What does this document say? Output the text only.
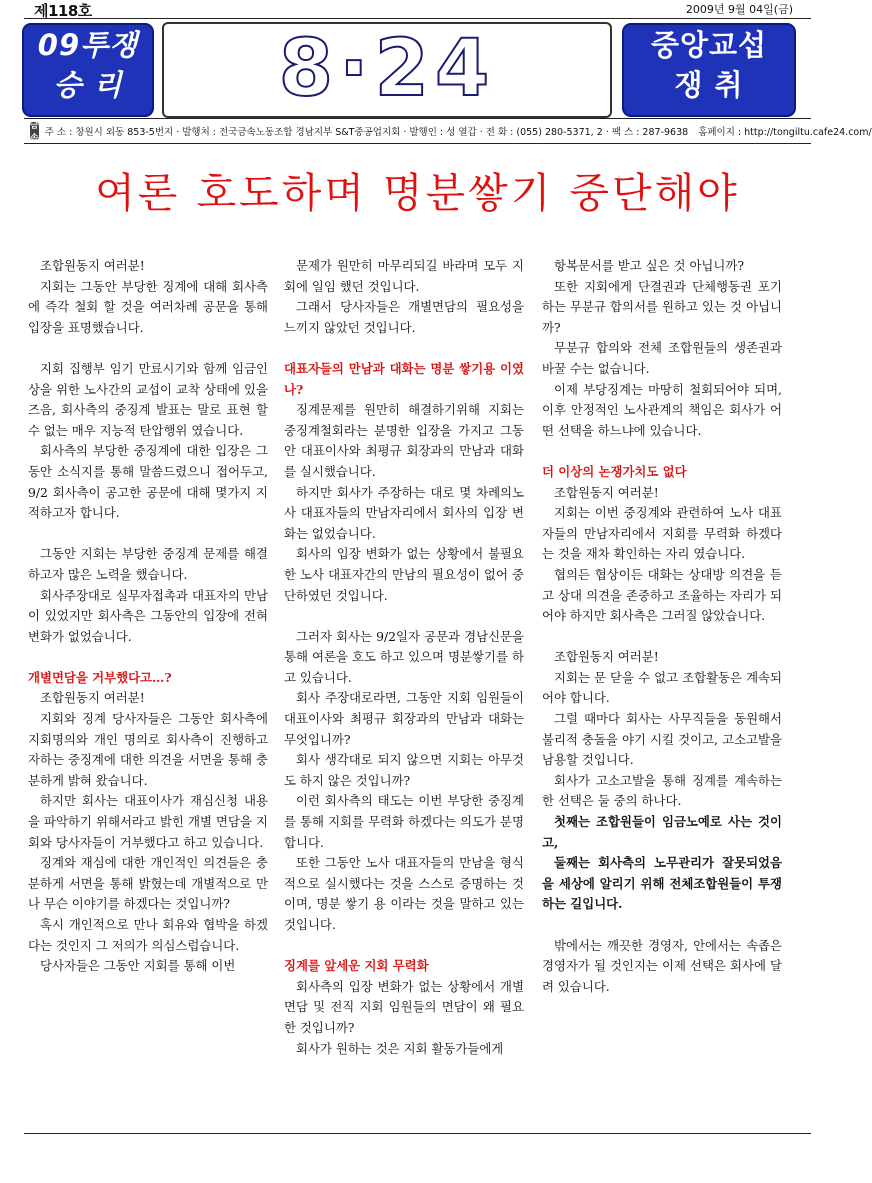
제118호	2009년 9월 04일(금)
09투쟁
승 리	8·24	중앙교섭
쟁 취
금속
주 소 : 창원시 외동 853-5번지 · 발행처 : 전국금속노동조합 경남지부 S&T중공업지회 · 발행인 : 성 열갑 · 전 화 : (055) 280-5371, 2 · 팩 스 : 287-9638 홈페이지 : http://tongiltu.cafe24.com/
여론 호도하며 명분쌓기 중단해야

조합원동지 여러분!

지회는 그동안 부당한 징계에 대해 회사측에 즉각 철회 할 것을 여러차례 공문을 통해 입장을 표명했습니다.

지회 집행부 임기 만료시기와 함께 임금인상을 위한 노사간의 교섭이 교착 상태에 있을 즈음, 회사측의 중징계 발표는 말로 표현 할 수 없는 매우 지능적 탄압행위 였습니다.

회사측의 부당한 중징계에 대한 입장은 그동안 소식지를 통해 말씀드렸으니 접어두고, 9/2 회사측이 공고한 공문에 대해 몇가지 지적하고자 합니다.

그동안 지회는 부당한 중징계 문제를 해결하고자 많은 노력을 했습니다.

회사주장대로 실무자접촉과 대표자의 만남이 있었지만 회사측은 그동안의 입장에 전혀 변화가 없었습니다.

개별면담을 거부했다고…?

조합원동지 여러분!

지회와 징계 당사자들은 그동안 회사측에 지회명의와 개인 명의로 회사측이 진행하고자하는 중징계에 대한 의견을 서면을 통해 충분하게 밝혀 왔습니다.

하지만 회사는 대표이사가 재심신청 내용을 파악하기 위해서라고 밝힌 개별 면담을 지회와 당사자들이 거부했다고 하고 있습니다.

징계와 재심에 대한 개인적인 의견들은 충분하게 서면을 통해 밝혔는데 개별적으로 만나 무슨 이야기를 하겠다는 것입니까?

혹시 개인적으로 만나 회유와 협박을 하겠다는 것인지 그 저의가 의심스럽습니다.

당사자들은 그동안 지회를 통해 이번

문제가 원만히 마무리되길 바라며 모두 지회에 일임 했던 것입니다.

그래서 당사자들은 개별면담의 필요성을 느끼지 않았던 것입니다.

대표자들의 만남과 대화는 명분 쌓기용 이였나?

징계문제를 원만히 해결하기위해 지회는 중징계철회라는 분명한 입장을 가지고 그동안 대표이사와 최평규 회장과의 만남과 대화를 실시했습니다.

하지만 회사가 주장하는 대로 몇 차례의노사 대표자들의 만남자리에서 회사의 입장 변화는 없었습니다.

회사의 입장 변화가 없는 상황에서 불필요한 노사 대표자간의 만남의 필요성이 없어 중단하였던 것입니다.

그러자 회사는 9/2일자 공문과 경남신문을 통해 여론을 호도 하고 있으며 명분쌓기를 하고 있습니다.

회사 주장대로라면, 그동안 지회 임원들이 대표이사와 최평규 회장과의 만남과 대화는 무엇입니까?

회사 생각대로 되지 않으면 지회는 아무것도 하지 않은 것입니까?

이런 회사측의 태도는 이번 부당한 중징계를 통해 지회를 무력화 하겠다는 의도가 분명합니다.

또한 그동안 노사 대표자들의 만남을 형식적으로 실시했다는 것을 스스로 증명하는 것이며, 명분 쌓기 용 이라는 것을 말하고 있는 것입니다.

징계를 앞세운 지회 무력화

회사측의 입장 변화가 없는 상황에서 개별면담 및 전직 지회 임원들의 면담이 왜 필요 한 것입니까?

회사가 원하는 것은 지회 활동가들에게

항복문서를 받고 싶은 것 아닙니까?

또한 지회에게 단결권과 단체행동권 포기하는 무분규 합의서를 원하고 있는 것 아닙니까?

무분규 합의와 전체 조합원들의 생존권과 바꿀 수는 없습니다.

이제 부당징계는 마땅히 철회되어야 되며, 이후 안정적인 노사관계의 책임은 회사가 어떤 선택을 하느냐에 있습니다.

더 이상의 논쟁가치도 없다

조합원동지 여러분!

지회는 이번 중징계와 관련하여 노사 대표자들의 만남자리에서 지회를 무력화 하겠다는 것을 재차 확인하는 자리 였습니다.

협의든 협상이든 대화는 상대방 의견을 듣고 상대 의견을 존중하고 조율하는 자리가 되어야 하지만 회사측은 그러질 않았습니다.

조합원동지 여러분!

지회는 문 닫을 수 없고 조합활동은 계속되어야 합니다.

그럴 때마다 회사는 사무직들을 동원해서 불리적 충돌을 야기 시킬 것이고, 고소고발을 남용할 것입니다.

회사가 고소고발을 통해 징계를 계속하는 한 선택은 둘 중의 하나다.

첫째는 조합원들이 임금노예로 사는 것이고,

둘째는 회사측의 노무관리가 잘못되었음을 세상에 알리기 위해 전체조합원들이 투쟁하는 길입니다.

밖에서는 깨끗한 경영자, 안에서는 속좁은 경영자가 될 것인지는 이제 선택은 회사에 달려 있습니다.
